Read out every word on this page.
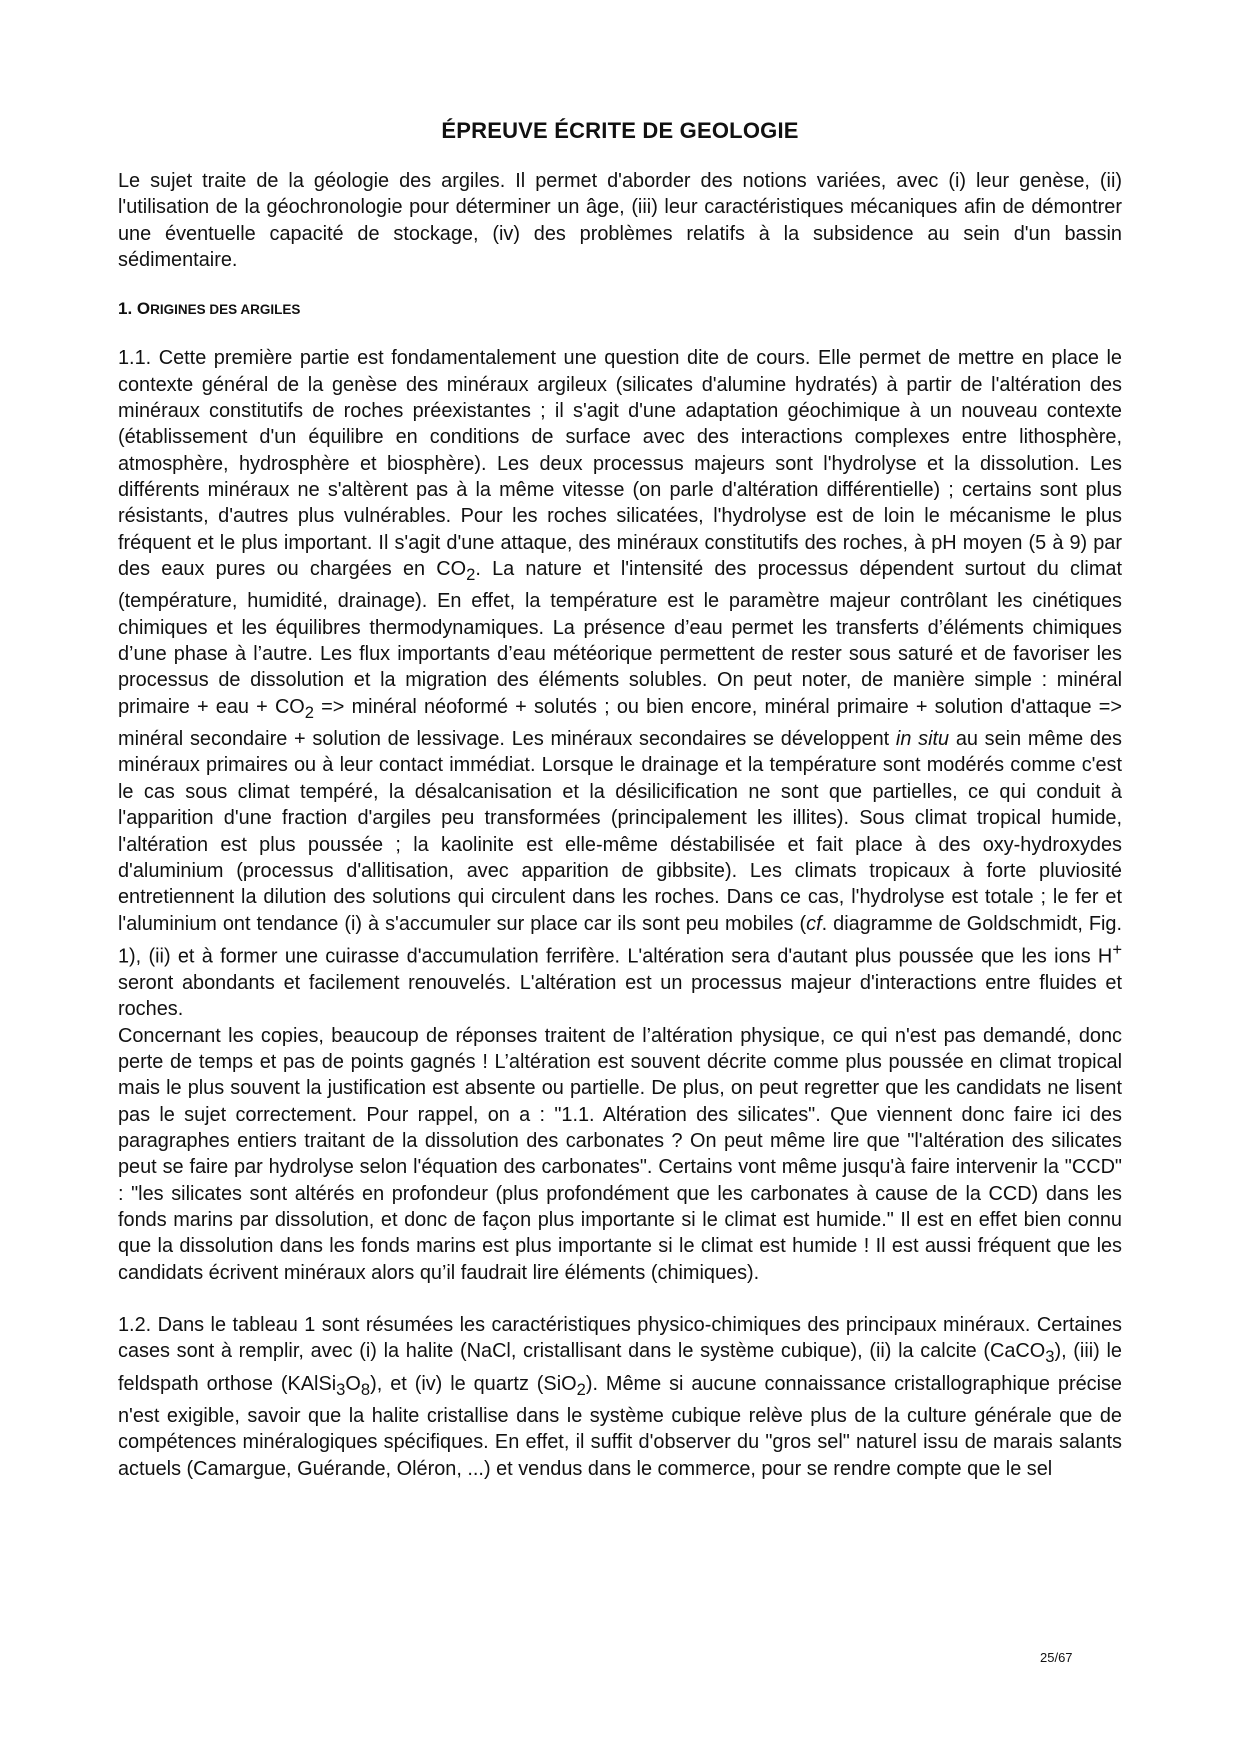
ÉPREUVE ÉCRITE DE GEOLOGIE

Le sujet traite de la géologie des argiles. Il permet d'aborder des notions variées, avec (i) leur genèse, (ii) l'utilisation de la géochronologie pour déterminer un âge, (iii) leur caractéristiques mécaniques afin de démontrer une éventuelle capacité de stockage, (iv) des problèmes relatifs à la subsidence au sein d'un bassin sédimentaire.

1. ORIGINES DES ARGILES

1.1. Cette première partie est fondamentalement une question dite de cours. Elle permet de mettre en place le contexte général de la genèse des minéraux argileux (silicates d'alumine hydratés) à partir de l'altération des minéraux constitutifs de roches préexistantes ; il s'agit d'une adaptation géochimique à un nouveau contexte (établissement d'un équilibre en conditions de surface avec des interactions complexes entre lithosphère, atmosphère, hydrosphère et biosphère). Les deux processus majeurs sont l'hydrolyse et la dissolution. Les différents minéraux ne s'altèrent pas à la même vitesse (on parle d'altération différentielle) ; certains sont plus résistants, d'autres plus vulnérables. Pour les roches silicatées, l'hydrolyse est de loin le mécanisme le plus fréquent et le plus important. Il s'agit d'une attaque, des minéraux constitutifs des roches, à pH moyen (5 à 9) par des eaux pures ou chargées en $CO_2$. La nature et l'intensité des processus dépendent surtout du climat (température, humidité, drainage). En effet, la température est le paramètre majeur contrôlant les cinétiques chimiques et les équilibres thermodynamiques. La présence d’eau permet les transferts d’éléments chimiques d’une phase à l’autre. Les flux importants d’eau météorique permettent de rester sous saturé et de favoriser les processus de dissolution et la migration des éléments solubles. On peut noter, de manière simple : minéral primaire + eau + $CO_2$ => minéral néoformé + solutés ; ou bien encore, minéral primaire + solution d'attaque => minéral secondaire + solution de lessivage. Les minéraux secondaires se développent in situ au sein même des minéraux primaires ou à leur contact immédiat. Lorsque le drainage et la température sont modérés comme c'est le cas sous climat tempéré, la désalcanisation et la désilicification ne sont que partielles, ce qui conduit à l'apparition d'une fraction d'argiles peu transformées (principalement les illites). Sous climat tropical humide, l'altération est plus poussée ; la kaolinite est elle-même déstabilisée et fait place à des oxy-hydroxydes d'aluminium (processus d'allitisation, avec apparition de gibbsite). Les climats tropicaux à forte pluviosité entretiennent la dilution des solutions qui circulent dans les roches. Dans ce cas, l'hydrolyse est totale ; le fer et l'aluminium ont tendance (i) à s'accumuler sur place car ils sont peu mobiles (cf. diagramme de Goldschmidt, Fig. 1), (ii) et à former une cuirasse d'accumulation ferrifère. L'altération sera d'autant plus poussée que les ions H+ seront abondants et facilement renouvelés. L'altération est un processus majeur d'interactions entre fluides et roches.

Concernant les copies, beaucoup de réponses traitent de l’altération physique, ce qui n'est pas demandé, donc perte de temps et pas de points gagnés ! L’altération est souvent décrite comme plus poussée en climat tropical mais le plus souvent la justification est absente ou partielle. De plus, on peut regretter que les candidats ne lisent pas le sujet correctement. Pour rappel, on a : "1.1. Altération des silicates". Que viennent donc faire ici des paragraphes entiers traitant de la dissolution des carbonates ? On peut même lire que "l'altération des silicates peut se faire par hydrolyse selon l'équation des carbonates". Certains vont même jusqu'à faire intervenir la "CCD" : "les silicates sont altérés en profondeur (plus profondément que les carbonates à cause de la CCD) dans les fonds marins par dissolution, et donc de façon plus importante si le climat est humide." Il est en effet bien connu que la dissolution dans les fonds marins est plus importante si le climat est humide ! Il est aussi fréquent que les candidats écrivent minéraux alors qu’il faudrait lire éléments (chimiques).

1.2. Dans le tableau 1 sont résumées les caractéristiques physico-chimiques des principaux minéraux. Certaines cases sont à remplir, avec (i) la halite (NaCl, cristallisant dans le système cubique), (ii) la calcite (CaCO$_3$), (iii) le feldspath orthose $(KAlSi_3O_8)$, et (iv) le quartz (SiO$_2$). Même si aucune connaissance cristallographique précise n'est exigible, savoir que la halite cristallise dans le système cubique relève plus de la culture générale que de compétences minéralogiques spécifiques. En effet, il suffit d'observer du "gros sel" naturel issu de marais salants actuels (Camargue, Guérande, Oléron, ...) et vendus dans le commerce, pour se rendre compte que le sel

25/67
